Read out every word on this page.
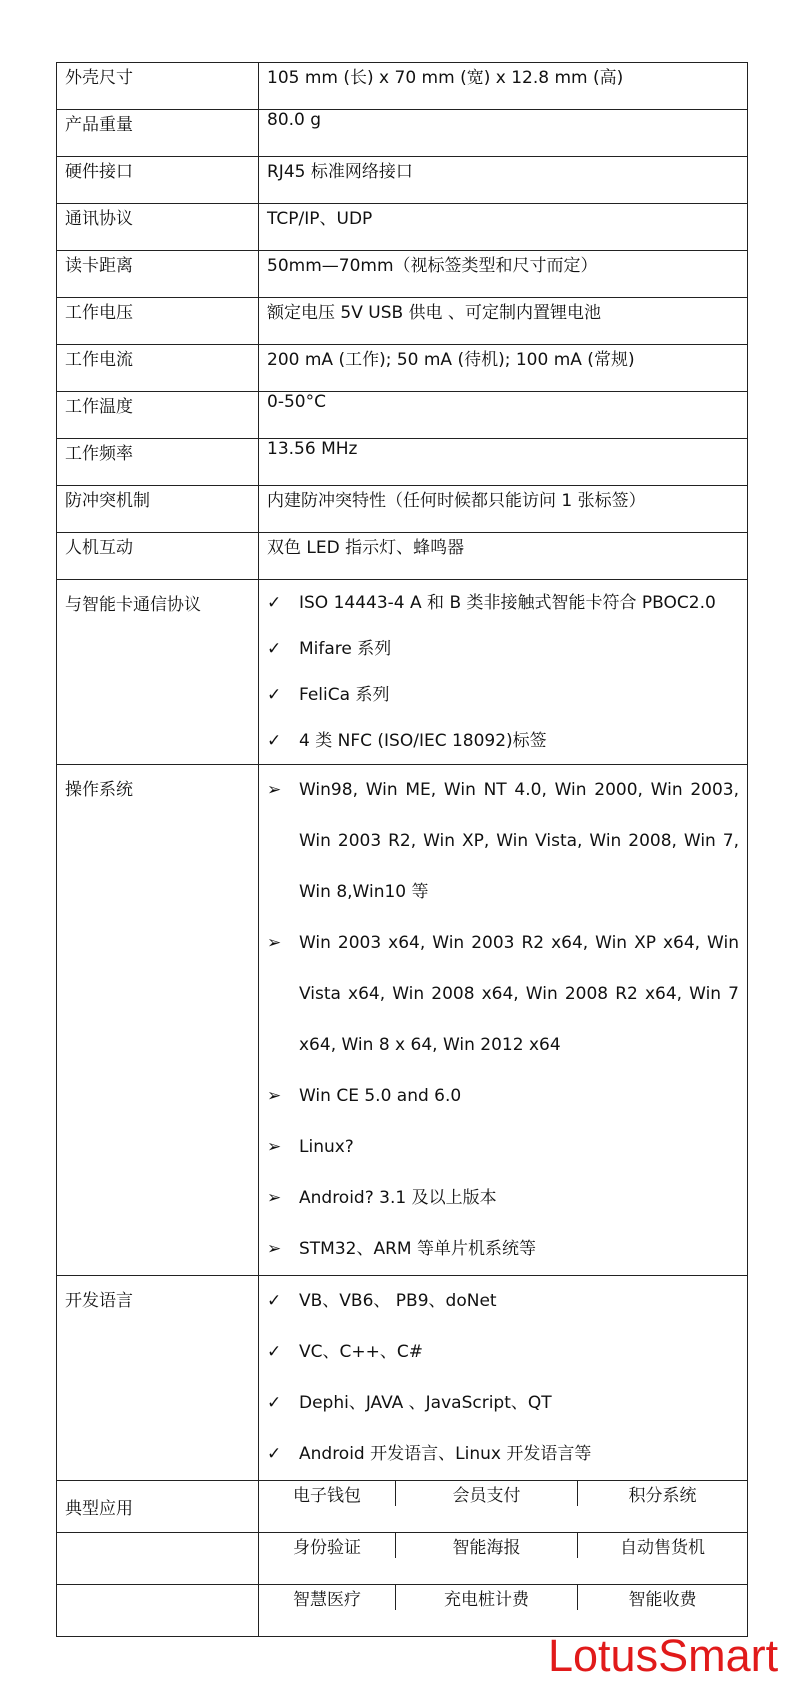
外壳尺寸	105 mm (长) x 70 mm (宽) x 12.8 mm (高)
产品重量	80.0 g
硬件接口	RJ45 标准网络接口
通讯协议	TCP/IP、UDP
读卡距离	50mm—70mm（视标签类型和尺寸而定）
工作电压	额定电压 5V USB 供电 、可定制内置锂电池
工作电流	200 mA (工作); 50 mA (待机); 100 mA (常规)
工作温度	0-50°C
工作频率	13.56 MHz
防冲突机制	内建防冲突特性（任何时候都只能访问 1 张标签）
人机互动	双色 LED 指示灯、蜂鸣器

与智能卡通信协议	✓	ISO 14443-4 A 和 B 类非接触式智能卡符合 PBOC2.0
✓	Mifare 系列
✓	FeliCa 系列
✓	4 类 NFC (ISO/IEC 18092)标签

操作系统	➢	Win98, Win ME, Win NT 4.0, Win 2000, Win 2003, Win 2003 R2, Win XP, Win Vista, Win 2008, Win 7, Win 8,Win10 等
➢	Win 2003 x64, Win 2003 R2 x64, Win XP x64, Win Vista x64, Win 2008 x64, Win 2008 R2 x64, Win 7 x64, Win 8 x 64, Win 2012 x64
➢	Win CE 5.0 and 6.0
➢	Linux?
➢	Android? 3.1 及以上版本
➢	STM32、ARM 等单片机系统等

开发语言	✓	VB、VB6、 PB9、doNet
✓	VC、C++、C#
✓	Dephi、JAVA 、JavaScript、QT
✓	Android 开发语言、Linux 开发语言等

典型应用	
电子钱包	会员支付	积分系统

身份验证	智能海报	自动售货机

智慧医疗	充电桩计费	智能收费
LotusSmart
